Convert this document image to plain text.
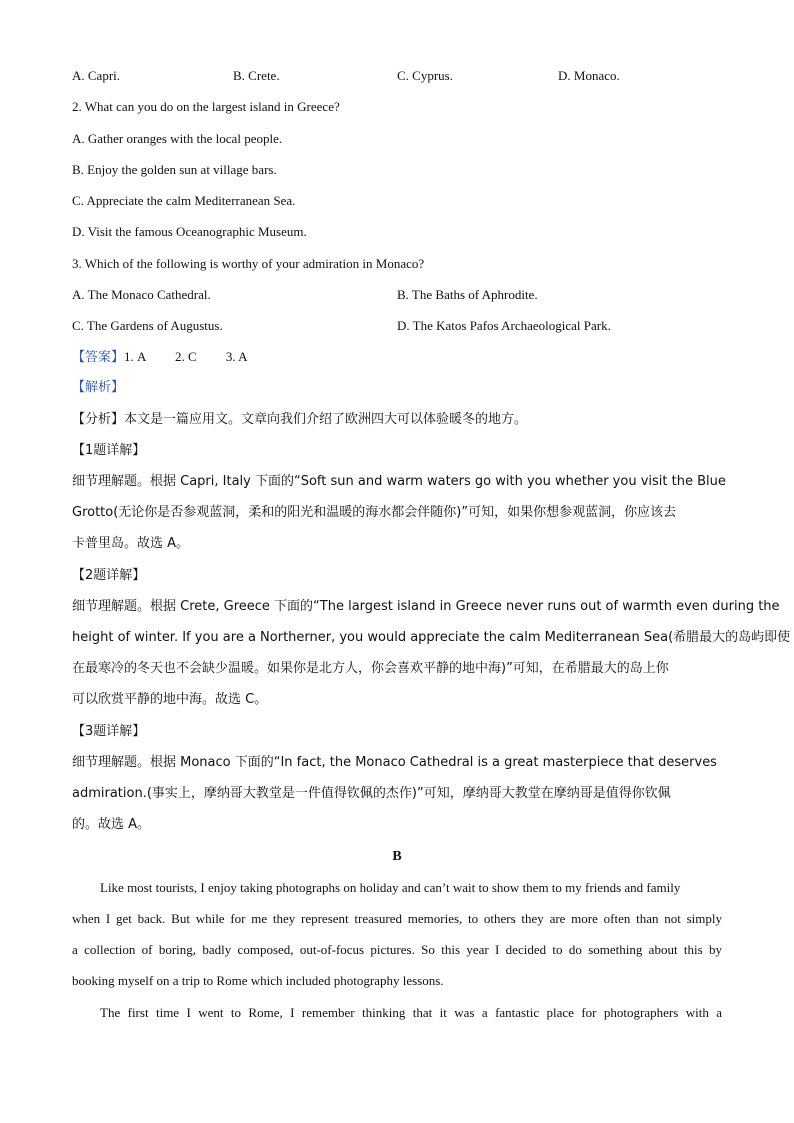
A. Capri.	B. Crete.	C. Cyprus.	D. Monaco.
2. What can you do on the largest island in Greece?
A. Gather oranges with the local people.
B. Enjoy the golden sun at village bars.
C. Appreciate the calm Mediterranean Sea.
D. Visit the famous Oceanographic Museum.
3. Which of the following is worthy of your admiration in Monaco?
A. The Monaco Cathedral.	B. The Baths of Aphrodite.
C. The Gardens of Augustus.	D. The Katos Pafos Archaeological Park.
【答案】1. A 2. C 3. A
【解析】
【分析】本文是一篇应用文。文章向我们介绍了欧洲四大可以体验暖冬的地方。
【1题详解】
细节理解题。根据 Capri, Italy 下面的“Soft sun and warm waters go with you whether you visit the Blue
Grotto(无论你是否参观蓝洞，柔和的阳光和温暖的海水都会伴随你)”可知，如果你想参观蓝洞，你应该去
卡普里岛。故选 A。
【2题详解】
细节理解题。根据 Crete, Greece 下面的“The largest island in Greece never runs out of warmth even during the
height of winter. If you are a Northerner, you would appreciate the calm Mediterranean Sea(希腊最大的岛屿即使
在最寒冷的冬天也不会缺少温暖。如果你是北方人，你会喜欢平静的地中海)”可知，在希腊最大的岛上你
可以欣赏平静的地中海。故选 C。
【3题详解】
细节理解题。根据 Monaco 下面的“In fact, the Monaco Cathedral is a great masterpiece that deserves
admiration.(事实上，摩纳哥大教堂是一件值得钦佩的杰作)”可知，摩纳哥大教堂在摩纳哥是值得你钦佩
的。故选 A。
B
Like most tourists, I enjoy taking photographs on holiday and can’t wait to show them to my friends and family
when I get back. But while for me they represent treasured memories, to others they are more often than not simply
a collection of boring, badly composed, out-of-focus pictures. So this year I decided to do something about this by
booking myself on a trip to Rome which included photography lessons.
The first time I went to Rome, I remember thinking that it was a fantastic place for photographers with a
